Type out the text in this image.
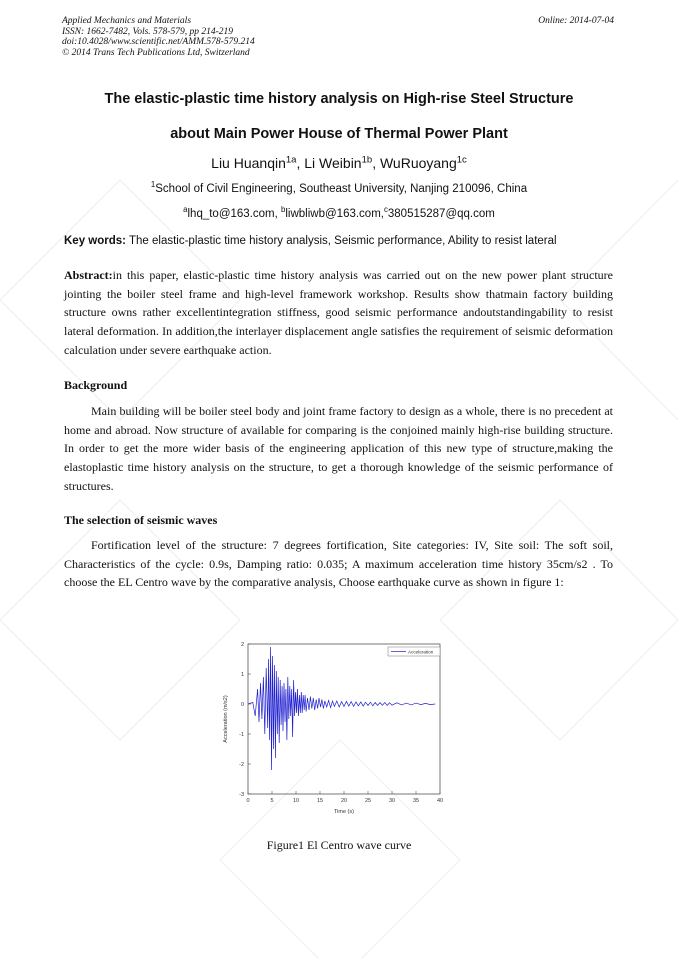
Applied Mechanics and Materials
ISSN: 1662-7482, Vols. 578-579, pp 214-219
doi:10.4028/www.scientific.net/AMM.578-579.214
© 2014 Trans Tech Publications Ltd, Switzerland
Online: 2014-07-04
The elastic-plastic time history analysis on High-rise Steel Structure
about Main Power House of Thermal Power Plant
Liu Huanqin$^{1a}$, Li Weibin$^{1b}$, WuRuoyang$^{1c}$
$^1$School of Civil Engineering, Southeast University, Nanjing 210096, China
$^a$lhq_to@163.com, $^b$liwbliwb@163.com,$^c$380515287@qq.com
Key words: The elastic-plastic time history analysis, Seismic performance, Ability to resist lateral

Abstract:in this paper, elastic-plastic time history analysis was carried out on the new power plant structure jointing the boiler steel frame and high-level framework workshop. Results show thatmain factory building structure owns rather excellentintegration stiffness, good seismic performance andoutstandingability to resist lateral deformation. In addition,the interlayer displacement angle satisfies the requirement of seismic deformation calculation under severe earthquake action.

Background

Main building will be boiler steel body and joint frame factory to design as a whole, there is no precedent at home and abroad. Now structure of available for comparing is the conjoined mainly high-rise building structure. In order to get the more wider basis of the engineering application of this new type of structure,making the elastoplastic time history analysis on the structure, to get a thorough knowledge of the seismic performance of structures.

The selection of seismic waves

Fortification level of the structure: 7 degrees fortification, Site categories: IV, Site soil: The soft soil, Characteristics of the cycle: 0.9s, Damping ratio: 0.035; A maximum acceleration time history 35cm/s2 . To choose the EL Centro wave by the comparative analysis, Choose earthquake curve as shown in figure 1:

0	5	10	15	20	25	30	35	40
2
1
0
-1
-2
-3
Time (s)
Acceleration (m/s2)
Acceleration
Figure1 El Centro wave curve
